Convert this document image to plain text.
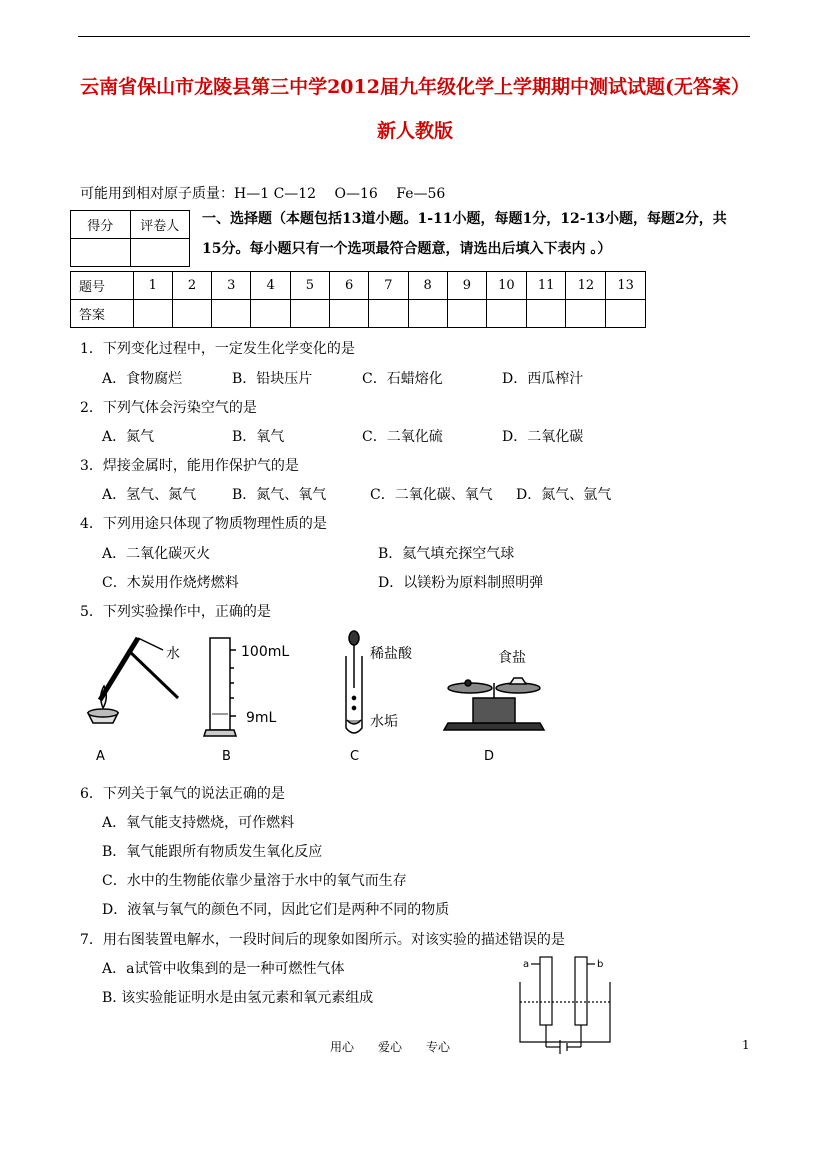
云南省保山市龙陵县第三中学2012届九年级化学上学期期中测试试题(无答案）
新人教版
可能用到相对原子质量：H—1 C—12　 O—16　 Fe—56
得分	评卷人
	一、选择题（本题包括13道小题。1-11小题，每题1分，12-13小题，每题2分，共
15分。每小题只有一个选项最符合题意，请选出后填入下表内 。）
题号	1	2	3	4	5	6	7	8	9	10	11	12	13
答案													
1．下列变化过程中，一定发生化学变化的是
A．食物腐烂	B．铅块压片	C．石蜡熔化	D．西瓜榨汁
2．下列气体会污染空气的是
A．氮气	B．氧气	C．二氧化硫	D．二氧化碳
3．焊接金属时，能用作保护气的是
A．氢气、氮气	B．氮气、氧气	C．二氧化碳、氧气 D．氮气、氩气
4．下列用途只体现了物质物理性质的是
A．二氧化碳灭火	B．氦气填充探空气球
C．木炭用作烧烤燃料	D．以镁粉为原料制照明弹
5．下列实验操作中，正确的是
水
A
100mL
9mL
B
稀盐酸
水垢
C
食盐
D
6．下列关于氧气的说法正确的是
A．氧气能支持燃烧，可作燃料
B．氧气能跟所有物质发生氧化反应
C．水中的生物能依靠少量溶于水中的氧气而生存
D．液氧与氧气的颜色不同，因此它们是两种不同的物质
7．用右图装置电解水，一段时间后的现象如图所示。对该实验的描述错误的是
A．a试管中收集到的是一种可燃性气体
B. 该实验能证明水是由氢元素和氧元素组成
a	b
用心　　爱心　　专心	1
